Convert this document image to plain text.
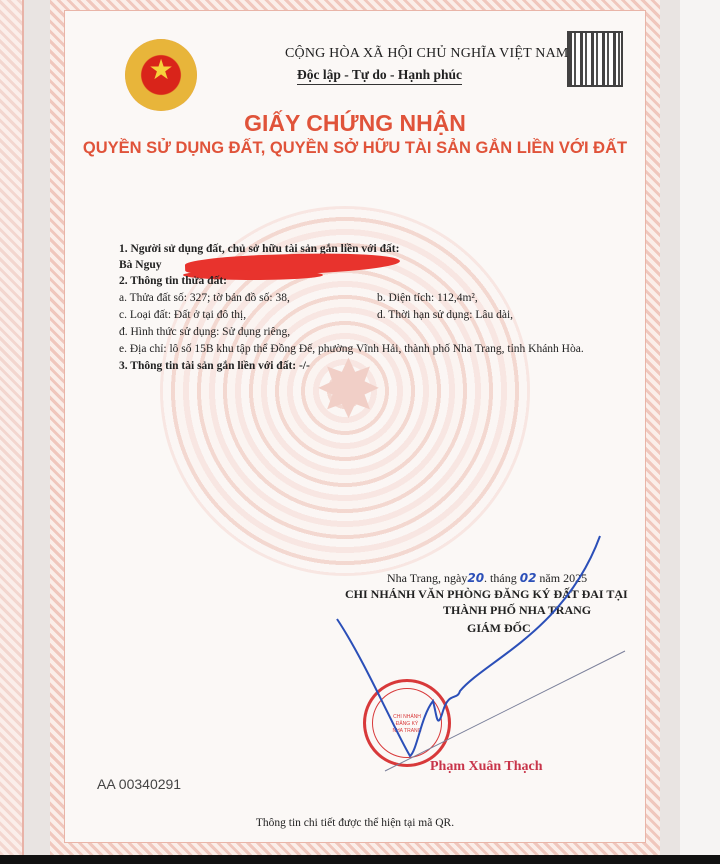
✸
★
CỘNG HÒA XÃ HỘI CHỦ NGHĨA VIỆT NAM
Độc lập - Tự do - Hạnh phúc
GIẤY CHỨNG NHẬN
QUYỀN SỬ DỤNG ĐẤT, QUYỀN SỞ HỮU TÀI SẢN GẮN LIỀN VỚI ĐẤT
1. Người sử dụng đất, chủ sở hữu tài sản gắn liền với đất:
Bà Nguy
2. Thông tin thửa đất:
a. Thửa đất số: 327; tờ bản đồ số: 38,	b. Diện tích: 112,4m²,
c. Loại đất: Đất ở tại đô thị,	d. Thời hạn sử dụng: Lâu dài,
đ. Hình thức sử dụng: Sử dụng riêng,
e. Địa chỉ: lô số 15B khu tập thể Đồng Đế, phường Vĩnh Hải, thành phố Nha Trang, tỉnh Khánh Hòa.
3. Thông tin tài sản gắn liền với đất: -/-
Nha Trang, ngày20. tháng 02 năm 2025
CHI NHÁNH VĂN PHÒNG ĐĂNG KÝ ĐẤT ĐAI TẠI
THÀNH PHỐ NHA TRANG
GIÁM ĐỐC
CHI NHÁNH
ĐĂNG KÝ
NHA TRANG
Phạm Xuân Thạch
AA 00340291
Thông tin chi tiết được thể hiện tại mã QR.
